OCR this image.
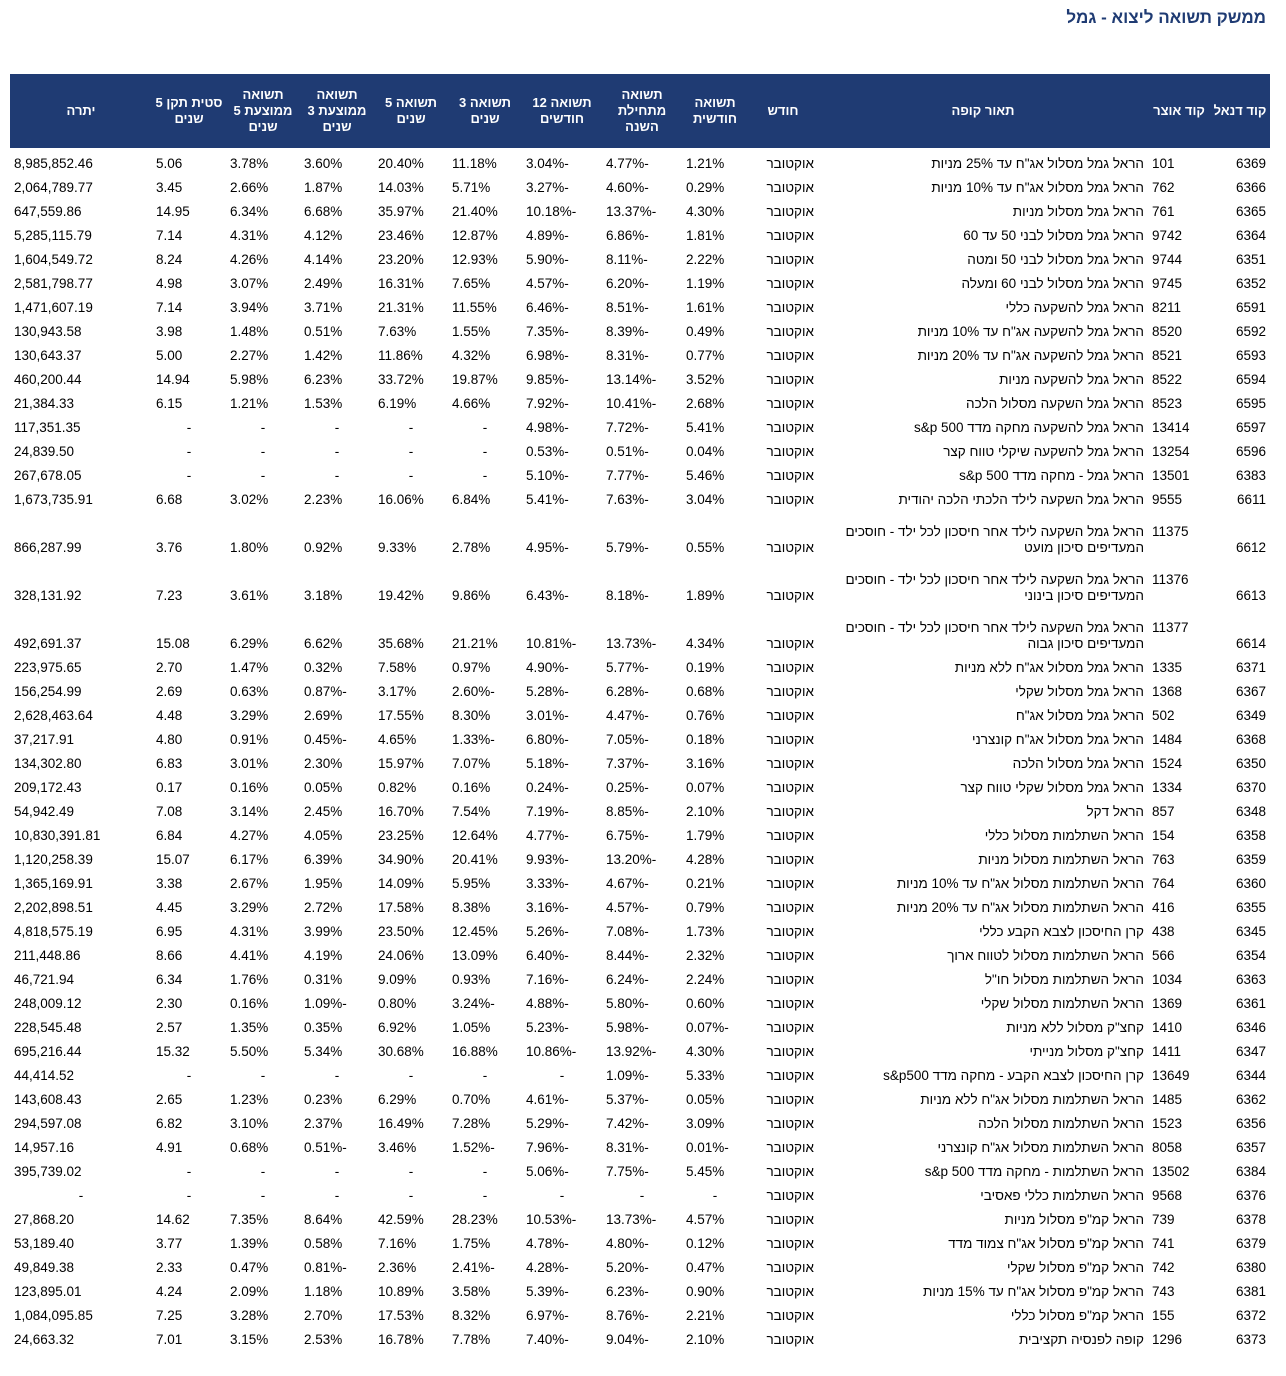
ממשק תשואה ליצוא - גמל
קוד דנאל	קוד אוצר	תאור קופה	חודש	תשואה חודשית	תשואה מתחילת השנה	תשואה 12 חודשים	תשואה 3 שנים	תשואה 5 שנים	תשואה ממוצעת 3 שנים	תשואה ממוצעת 5 שנים	סטית תקן 5 שנים	יתרה
6369	101	הראל גמל מסלול אג"ח עד 25% מניות	אוקטובר	1.21%	-4.77%	-3.04%	11.18%	20.40%	3.60%	3.78%	5.06	8,985,852.46
6366	762	הראל גמל מסלול אג"ח עד 10% מניות	אוקטובר	0.29%	-4.60%	-3.27%	5.71%	14.03%	1.87%	2.66%	3.45	2,064,789.77
6365	761	הראל גמל מסלול מניות	אוקטובר	4.30%	-13.37%	-10.18%	21.40%	35.97%	6.68%	6.34%	14.95	647,559.86
6364	9742	הראל גמל מסלול לבני 50 עד 60	אוקטובר	1.81%	-6.86%	-4.89%	12.87%	23.46%	4.12%	4.31%	7.14	5,285,115.79
6351	9744	הראל גמל מסלול לבני 50 ומטה	אוקטובר	2.22%	-8.11%	-5.90%	12.93%	23.20%	4.14%	4.26%	8.24	1,604,549.72
6352	9745	הראל גמל מסלול לבני 60 ומעלה	אוקטובר	1.19%	-6.20%	-4.57%	7.65%	16.31%	2.49%	3.07%	4.98	2,581,798.77
6591	8211	הראל גמל להשקעה כללי	אוקטובר	1.61%	-8.51%	-6.46%	11.55%	21.31%	3.71%	3.94%	7.14	1,471,607.19
6592	8520	הראל גמל להשקעה אג"ח עד 10% מניות	אוקטובר	0.49%	-8.39%	-7.35%	1.55%	7.63%	0.51%	1.48%	3.98	130,943.58
6593	8521	הראל גמל להשקעה אג"ח עד 20% מניות	אוקטובר	0.77%	-8.31%	-6.98%	4.32%	11.86%	1.42%	2.27%	5.00	130,643.37
6594	8522	הראל גמל להשקעה מניות	אוקטובר	3.52%	-13.14%	-9.85%	19.87%	33.72%	6.23%	5.98%	14.94	460,200.44
6595	8523	הראל גמל השקעה מסלול הלכה	אוקטובר	2.68%	-10.41%	-7.92%	4.66%	6.19%	1.53%	1.21%	6.15	21,384.33
6597	13414	הראל גמל להשקעה מחקה מדד s&p 500	אוקטובר	5.41%	-7.72%	-4.98%	-	-	-	-	-	117,351.35
6596	13254	הראל גמל להשקעה שיקלי טווח קצר	אוקטובר	0.04%	-0.51%	-0.53%	-	-	-	-	-	24,839.50
6383	13501	הראל גמל - מחקה מדד s&p 500	אוקטובר	5.46%	-7.77%	-5.10%	-	-	-	-	-	267,678.05
6611	9555	הראל גמל השקעה לילד הלכתי הלכה יהודית	אוקטובר	3.04%	-7.63%	-5.41%	6.84%	16.06%	2.23%	3.02%	6.68	1,673,735.91
6612	11375	הראל גמל השקעה לילד אחר חיסכון לכל ילד - חוסכים המעדיפים סיכון מועט	אוקטובר	0.55%	-5.79%	-4.95%	2.78%	9.33%	0.92%	1.80%	3.76	866,287.99
6613	11376	הראל גמל השקעה לילד אחר חיסכון לכל ילד - חוסכים המעדיפים סיכון בינוני	אוקטובר	1.89%	-8.18%	-6.43%	9.86%	19.42%	3.18%	3.61%	7.23	328,131.92
6614	11377	הראל גמל השקעה לילד אחר חיסכון לכל ילד - חוסכים המעדיפים סיכון גבוה	אוקטובר	4.34%	-13.73%	-10.81%	21.21%	35.68%	6.62%	6.29%	15.08	492,691.37
6371	1335	הראל גמל מסלול אג"ח ללא מניות	אוקטובר	0.19%	-5.77%	-4.90%	0.97%	7.58%	0.32%	1.47%	2.70	223,975.65
6367	1368	הראל גמל מסלול שקלי	אוקטובר	0.68%	-6.28%	-5.28%	-2.60%	3.17%	-0.87%	0.63%	2.69	156,254.99
6349	502	הראל גמל מסלול אג"ח	אוקטובר	0.76%	-4.47%	-3.01%	8.30%	17.55%	2.69%	3.29%	4.48	2,628,463.64
6368	1484	הראל גמל מסלול אג"ח קונצרני	אוקטובר	0.18%	-7.05%	-6.80%	-1.33%	4.65%	-0.45%	0.91%	4.80	37,217.91
6350	1524	הראל גמל מסלול הלכה	אוקטובר	3.16%	-7.37%	-5.18%	7.07%	15.97%	2.30%	3.01%	6.83	134,302.80
6370	1334	הראל גמל מסלול שקלי טווח קצר	אוקטובר	0.07%	-0.25%	-0.24%	0.16%	0.82%	0.05%	0.16%	0.17	209,172.43
6348	857	הראל דקל	אוקטובר	2.10%	-8.85%	-7.19%	7.54%	16.70%	2.45%	3.14%	7.08	54,942.49
6358	154	הראל השתלמות מסלול כללי	אוקטובר	1.79%	-6.75%	-4.77%	12.64%	23.25%	4.05%	4.27%	6.84	10,830,391.81
6359	763	הראל השתלמות מסלול מניות	אוקטובר	4.28%	-13.20%	-9.93%	20.41%	34.90%	6.39%	6.17%	15.07	1,120,258.39
6360	764	הראל השתלמות מסלול אג"ח עד 10% מניות	אוקטובר	0.21%	-4.67%	-3.33%	5.95%	14.09%	1.95%	2.67%	3.38	1,365,169.91
6355	416	הראל השתלמות מסלול אג"ח עד 20% מניות	אוקטובר	0.79%	-4.57%	-3.16%	8.38%	17.58%	2.72%	3.29%	4.45	2,202,898.51
6345	438	קרן החיסכון לצבא הקבע כללי	אוקטובר	1.73%	-7.08%	-5.26%	12.45%	23.50%	3.99%	4.31%	6.95	4,818,575.19
6354	566	הראל השתלמות מסלול לטווח ארוך	אוקטובר	2.32%	-8.44%	-6.40%	13.09%	24.06%	4.19%	4.41%	8.66	211,448.86
6363	1034	הראל השתלמות מסלול חו"ל	אוקטובר	2.24%	-6.24%	-7.16%	0.93%	9.09%	0.31%	1.76%	6.34	46,721.94
6361	1369	הראל השתלמות מסלול שקלי	אוקטובר	0.60%	-5.80%	-4.88%	-3.24%	0.80%	-1.09%	0.16%	2.30	248,009.12
6346	1410	קחצ"ק מסלול ללא מניות	אוקטובר	-0.07%	-5.98%	-5.23%	1.05%	6.92%	0.35%	1.35%	2.57	228,545.48
6347	1411	קחצ"ק מסלול מנייתי	אוקטובר	4.30%	-13.92%	-10.86%	16.88%	30.68%	5.34%	5.50%	15.32	695,216.44
6344	13649	קרן החיסכון לצבא הקבע - מחקה מדד s&p500	אוקטובר	5.33%	-1.09%	-	-	-	-	-	-	44,414.52
6362	1485	הראל השתלמות מסלול אג"ח ללא מניות	אוקטובר	0.05%	-5.37%	-4.61%	0.70%	6.29%	0.23%	1.23%	2.65	143,608.43
6356	1523	הראל השתלמות מסלול הלכה	אוקטובר	3.09%	-7.42%	-5.29%	7.28%	16.49%	2.37%	3.10%	6.82	294,597.08
6357	8058	הראל השתלמות מסלול אג"ח קונצרני	אוקטובר	-0.01%	-8.31%	-7.96%	-1.52%	3.46%	-0.51%	0.68%	4.91	14,957.16
6384	13502	הראל השתלמות - מחקה מדד s&p 500	אוקטובר	5.45%	-7.75%	-5.06%	-	-	-	-	-	395,739.02
6376	9568	הראל השתלמות כללי פאסיבי	אוקטובר	-	-	-	-	-	-	-	-	-
6378	739	הראל קמ"פ מסלול מניות	אוקטובר	4.57%	-13.73%	-10.53%	28.23%	42.59%	8.64%	7.35%	14.62	27,868.20
6379	741	הראל קמ"פ מסלול אג"ח צמוד מדד	אוקטובר	0.12%	-4.80%	-4.78%	1.75%	7.16%	0.58%	1.39%	3.77	53,189.40
6380	742	הראל קמ"פ מסלול שקלי	אוקטובר	0.47%	-5.20%	-4.28%	-2.41%	2.36%	-0.81%	0.47%	2.33	49,849.38
6381	743	הראל קמ"פ מסלול אג"ח עד 15% מניות	אוקטובר	0.90%	-6.23%	-5.39%	3.58%	10.89%	1.18%	2.09%	4.24	123,895.01
6372	155	הראל קמ"פ מסלול כללי	אוקטובר	2.21%	-8.76%	-6.97%	8.32%	17.53%	2.70%	3.28%	7.25	1,084,095.85
6373	1296	קופה לפנסיה תקציבית	אוקטובר	2.10%	-9.04%	-7.40%	7.78%	16.78%	2.53%	3.15%	7.01	24,663.32
